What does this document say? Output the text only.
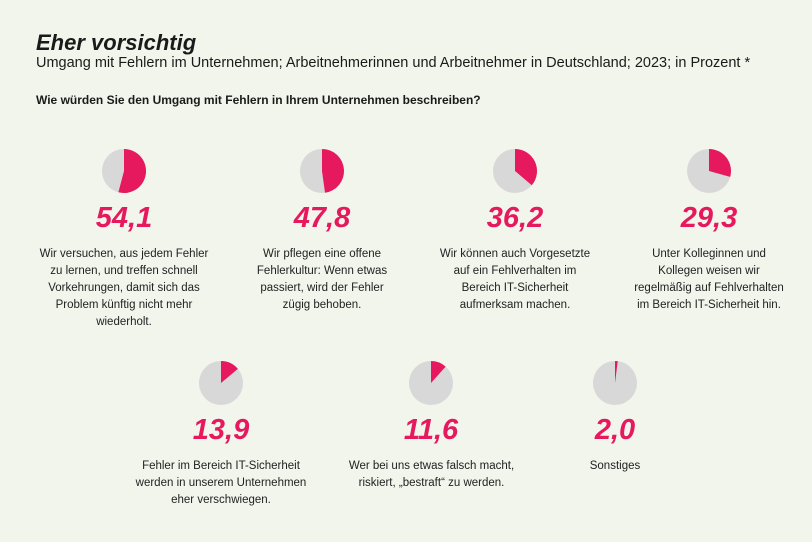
Eher vorsichtig
Umgang mit Fehlern im Unternehmen; Arbeitnehmerinnen und Arbeitnehmer in Deutschland; 2023; in Prozent *
Wie würden Sie den Umgang mit Fehlern in Ihrem Unternehmen beschreiben?
54,1
Wir versuchen, aus jedem Fehler zu lernen, und treffen schnell Vorkehrungen, damit sich das Problem künftig nicht mehr wiederholt.
47,8
Wir pflegen eine offene Fehlerkultur: Wenn etwas passiert, wird der Fehler zügig behoben.
36,2
Wir können auch Vorgesetzte auf ein Fehlverhalten im Bereich IT-Sicherheit aufmerksam machen.
29,3
Unter Kolleginnen und Kollegen weisen wir regelmäßig auf Fehlverhalten im Bereich IT-Sicherheit hin.
13,9
Fehler im Bereich IT-Sicherheit werden in unserem Unternehmen eher verschwiegen.
11,6
Wer bei uns etwas falsch macht, riskiert, „bestraft“ zu werden.
2,0
Sonstiges
